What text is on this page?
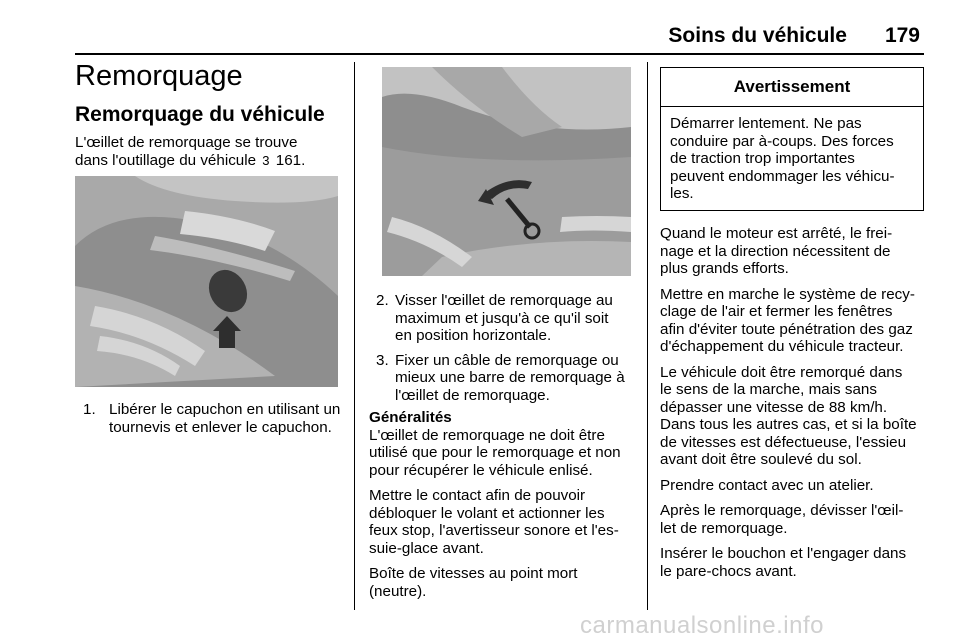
Soins du véhicule 179
Remorquage
Remorquage du véhicule

L'œillet de remorquage se trouve

dans l'outillage du véhicule 3 161.

1. Libérer le capuchon en utilisant un
tournevis et enlever le capuchon.
2. Visser l'œillet de remorquage au
maximum et jusqu'à ce qu'il soit
en position horizontale.
3. Fixer un câble de remorquage ou
mieux une barre de remorquage à
l'œillet de remorquage.
Généralités

L'œillet de remorquage ne doit être

utilisé que pour le remorquage et non

pour récupérer le véhicule enlisé.

Mettre le contact afin de pouvoir

débloquer le volant et actionner les

feux stop, l'avertisseur sonore et l'es-

suie-glace avant.

Boîte de vitesses au point mort

(neutre).

Avertissement

Démarrer lentement. Ne pas

conduire par à-coups. Des forces

de traction trop importantes

peuvent endommager les véhicu-

les.

Quand le moteur est arrêté, le frei-

nage et la direction nécessitent de

plus grands efforts.

Mettre en marche le système de recy-

clage de l'air et fermer les fenêtres

afin d'éviter toute pénétration des gaz

d'échappement du véhicule tracteur.

Le véhicule doit être remorqué dans

le sens de la marche, mais sans

dépasser une vitesse de 88 km/h.

Dans tous les autres cas, et si la boîte

de vitesses est défectueuse, l'essieu

avant doit être soulevé du sol.

Prendre contact avec un atelier.

Après le remorquage, dévisser l'œil-

let de remorquage.

Insérer le bouchon et l'engager dans

le pare-chocs avant.

carmanualsonline.info
